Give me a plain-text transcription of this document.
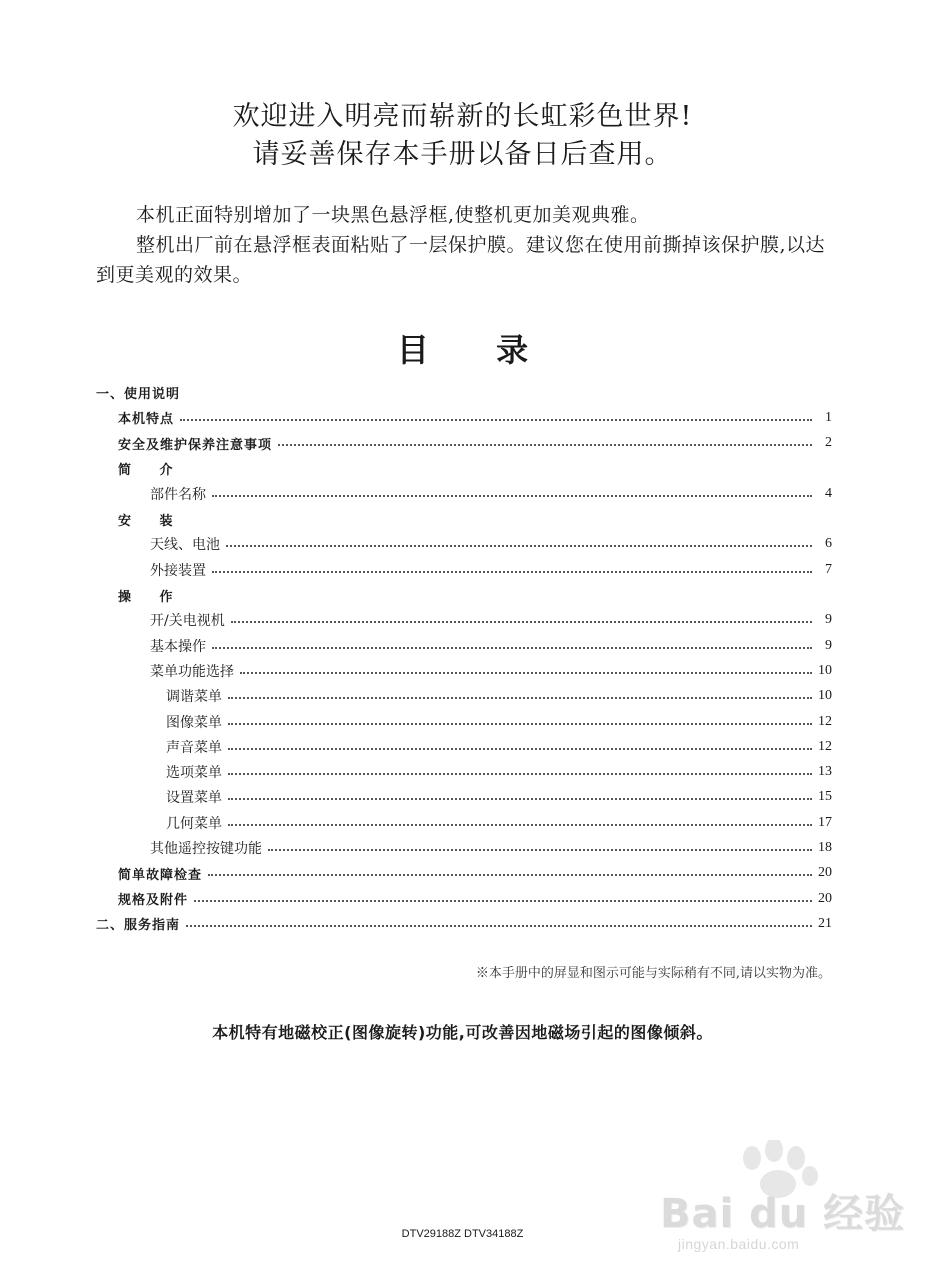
欢迎进入明亮而崭新的长虹彩色世界!
请妥善保存本手册以备日后查用。

本机正面特别增加了一块黑色悬浮框,使整机更加美观典雅。

整机出厂前在悬浮框表面粘贴了一层保护膜。建议您在使用前撕掉该保护膜,以达到更美观的效果。

目 录
一、使用说明
本机特点	1
安全及维护保养注意事项	2
简 介
部件名称	4
安 装
天线、电池	6
外接装置	7
操 作
开/关电视机	9
基本操作	9
菜单功能选择	10
调谐菜单	10
图像菜单	12
声音菜单	12
选项菜单	13
设置菜单	15
几何菜单	17
其他遥控按键功能	18
简单故障检查	20
规格及附件	20
二、服务指南	21
※本手册中的屏显和图示可能与实际稍有不同,请以实物为准。
本机特有地磁校正(图像旋转)功能,可改善因地磁场引起的图像倾斜。
Bai du 经验
jingyan.baidu.com
DTV29188Z DTV34188Z
